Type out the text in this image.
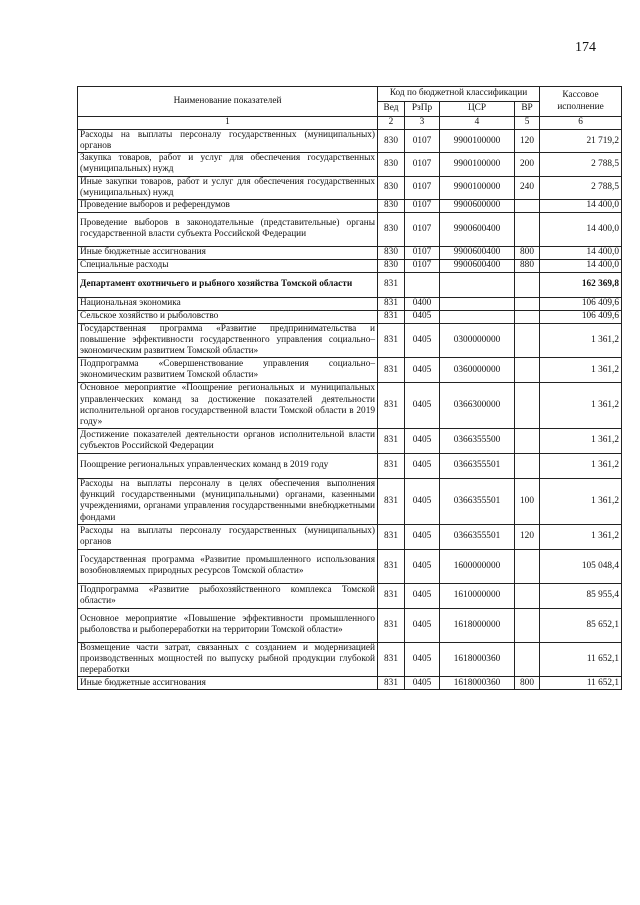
174
Наименование показателей	Код по бюджетной классификации				Кассовое исполнение
	Вед	РзПр	ЦСР	ВР	
1	2	3	4	5	6
Расходы на выплаты персоналу государственных (муниципальных) органов	830	0107	9900100000	120	21 719,2
Закупка товаров, работ и услуг для обеспечения государственных (муниципальных) нужд	830	0107	9900100000	200	2 788,5
Иные закупки товаров, работ и услуг для обеспечения государственных (муниципальных) нужд	830	0107	9900100000	240	2 788,5
Проведение выборов и референдумов	830	0107	9900600000		14 400,0
Проведение выборов в законодательные (представительные) органы государственной власти субъекта Российской Федерации	830	0107	9900600400		14 400,0
Иные бюджетные ассигнования	830	0107	9900600400	800	14 400,0
Специальные расходы	830	0107	9900600400	880	14 400,0
Департамент охотничьего и рыбного хозяйства Томской области	831				162 369,8
Национальная экономика	831	0400			106 409,6
Сельское хозяйство и рыболовство	831	0405			106 409,6
Государственная программа «Развитие предпринимательства и повышение эффективности государственного управления социально–экономическим развитием Томской области»	831	0405	0300000000		1 361,2
Подпрограмма «Совершенствование управления социально–экономическим развитием Томской области»	831	0405	0360000000		1 361,2
Основное мероприятие «Поощрение региональных и муниципальных управленческих команд за достижение показателей деятельности исполнительной органов государственной власти Томской области в 2019 году»	831	0405	0366300000		1 361,2
Достижение показателей деятельности органов исполнительной власти субъектов Российской Федерации	831	0405	0366355500		1 361,2
Поощрение региональных управленческих команд в 2019 году	831	0405	0366355501		1 361,2
Расходы на выплаты персоналу в целях обеспечения выполнения функций государственными (муниципальными) органами, казенными учреждениями, органами управления государственными внебюджетными фондами	831	0405	0366355501	100	1 361,2
Расходы на выплаты персоналу государственных (муниципальных) органов	831	0405	0366355501	120	1 361,2
Государственная программа «Развитие промышленного использования возобновляемых природных ресурсов Томской области»	831	0405	1600000000		105 048,4
Подпрограмма «Развитие рыбохозяйственного комплекса Томской области»	831	0405	1610000000		85 955,4
Основное мероприятие «Повышение эффективности промышленного рыболовства и рыбопереработки на территории Томской области»	831	0405	1618000000		85 652,1
Возмещение части затрат, связанных с созданием и модернизацией производственных мощностей по выпуску рыбной продукции глубокой переработки	831	0405	1618000360		11 652,1
Иные бюджетные ассигнования	831	0405	1618000360	800	11 652,1
